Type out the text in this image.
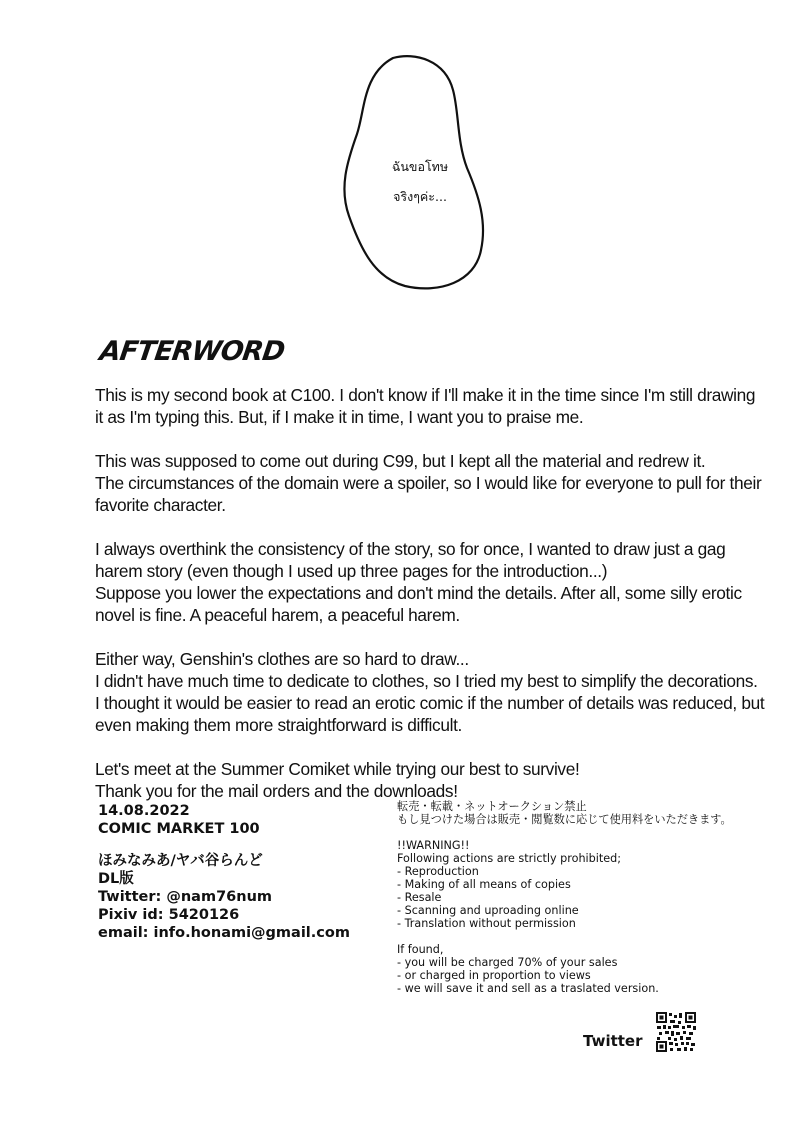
ฉันขอโทษ
จริงๆค่ะ...
AFTERWORD
This is my second book at C100. I don't know if I'll make it in the time since I'm still drawing
it as I'm typing this. But, if I make it in time, I want you to praise me.
This was supposed to come out during C99, but I kept all the material and redrew it.
The circumstances of the domain were a spoiler, so I would like for everyone to pull for their
favorite character.
I always overthink the consistency of the story, so for once, I wanted to draw just a gag
harem story (even though I used up three pages for the introduction...)
Suppose you lower the expectations and don't mind the details. After all, some silly erotic
novel is fine. A peaceful harem, a peaceful harem.
Either way, Genshin's clothes are so hard to draw...
I didn't have much time to dedicate to clothes, so I tried my best to simplify the decorations.
I thought it would be easier to read an erotic comic if the number of details was reduced, but
even making them more straightforward is difficult.
Let's meet at the Summer Comiket while trying our best to survive!
Thank you for the mail orders and the downloads!
14.08.2022
COMIC MARKET 100
ほみなみあ/ヤバ谷らんど
DL版
Twitter: @nam76num
Pixiv id: 5420126
email: info.honami@gmail.com
転売・転載・ネットオークション禁止
もし見つけた場合は販売・閲覧数に応じて使用料をいただきます。
!!WARNING!!
Following actions are strictly prohibited;
- Reproduction
- Making of all means of copies
- Resale
- Scanning and uproading online
- Translation without permission
If found,
- you will be charged 70% of your sales
- or charged in proportion to views
- we will save it and sell as a traslated version.
Twitter
